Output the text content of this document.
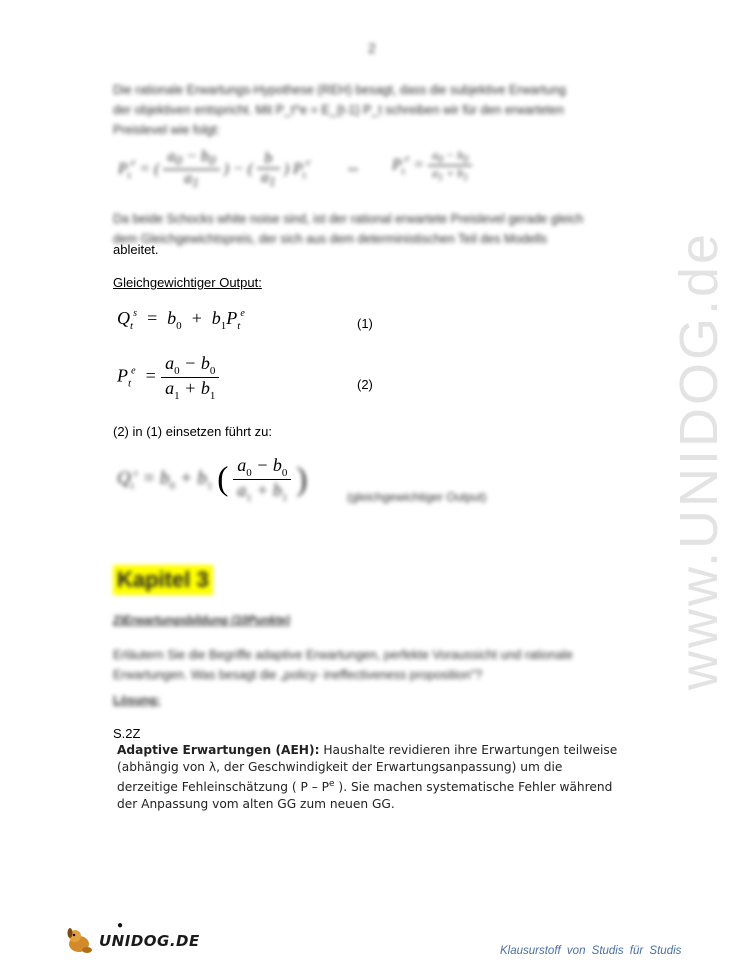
2
www.UNIDOG.de
Die rationale Erwartungs-Hypothese (REH) besagt, dass die subjektive Erwartung
der objektiven entspricht. Mit P_t^e = E_{t-1} P_t schreiben wir für den erwarteten
Preislevel wie folgt:
$P_t^e$ = ( $\frac{a_0 - b_0}{a_1}$ ) − ( $\frac{b}{a_1}$ ) $P_t^e$ ⇔ $P_t^e = \frac{a_0 - b_0}{a_1 + b_1}$
Da beide Schocks white noise sind, ist der rational erwartete Preislevel gerade gleich
dem Gleichgewichtspreis, der sich aus dem deterministischen Teil des Modells
ableitet.
Gleichgewichtiger Output:
$Q_t^s = b_0 + b_1P_t^e$
(1)
$P_t^e = \frac{a_0 - b_0}{a_1 + b_1}$	(2)
(2) in (1) einsetzen führt zu:
$Q_t^s = b_0 + b_1$ ( $\frac{a_0 - b_0}{a_1 + b_1}$ )	(gleichgewichtiger Output)
Kapitel 3
2)Erwartungsbildung (10Punkte)
Erläutern Sie die Begriffe adaptive Erwartungen, perfekte Voraussicht und rationale
Erwartungen. Was besagt die „policy- ineffectiveness proposition"?
Lösung:
S.2Z
Adaptive Erwartungen (AEH): Haushalte revidieren ihre Erwartungen teilweise
(abhängig von λ, der Geschwindigkeit der Erwartungsanpassung) um die
derzeitige Fehleinschätzung ( P – $P^e$ ). Sie machen systematische Fehler während
der Anpassung vom alten GG zum neuen GG.
UNIDOG.DE
●
Klausurstoff von Studis für Studis
